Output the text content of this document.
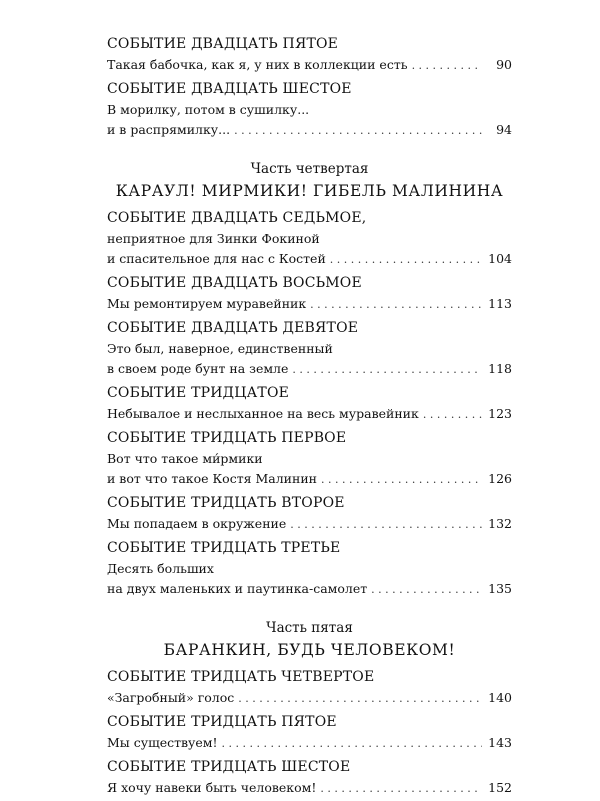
СОБЫТИЕ ДВАДЦАТЬ ПЯТОЕ
Такая бабочка, как я, у них в коллекции есть . . .	90
СОБЫТИЕ ДВАДЦАТЬ ШЕСТОЕ
В морилку, потом в сушилку...
и в распрямилку... . . .	94
Часть четвертая
КАРАУЛ! МИРМИКИ! ГИБЕЛЬ МАЛИНИНА
СОБЫТИЕ ДВАДЦАТЬ СЕДЬМОЕ,
неприятное для Зинки Фокиной
и спасительное для нас с Костей . . .	104
СОБЫТИЕ ДВАДЦАТЬ ВОСЬМОЕ
Мы ремонтируем муравейник . . .	113
СОБЫТИЕ ДВАДЦАТЬ ДЕВЯТОЕ
Это был, наверное, единственный
в своем роде бунт на земле . . .	118
СОБЫТИЕ ТРИДЦАТОЕ
Небывалое и неслыханное на весь муравейник . . .	123
СОБЫТИЕ ТРИДЦАТЬ ПЕРВОЕ
Вот что такое ми́рмики
и вот что такое Костя Малинин . . .	126
СОБЫТИЕ ТРИДЦАТЬ ВТОРОЕ
Мы попадаем в окружение . . .	132
СОБЫТИЕ ТРИДЦАТЬ ТРЕТЬЕ
Десять больших
на двух маленьких и паутинка-самолет . . .	135
Часть пятая
БАРАНКИН, БУДЬ ЧЕЛОВЕКОМ!
СОБЫТИЕ ТРИДЦАТЬ ЧЕТВЕРТОЕ
«Загробный» голос . . .	140
СОБЫТИЕ ТРИДЦАТЬ ПЯТОЕ
Мы существуем! . . .	143
СОБЫТИЕ ТРИДЦАТЬ ШЕСТОЕ
Я хочу навеки быть человеком! . . .	152
